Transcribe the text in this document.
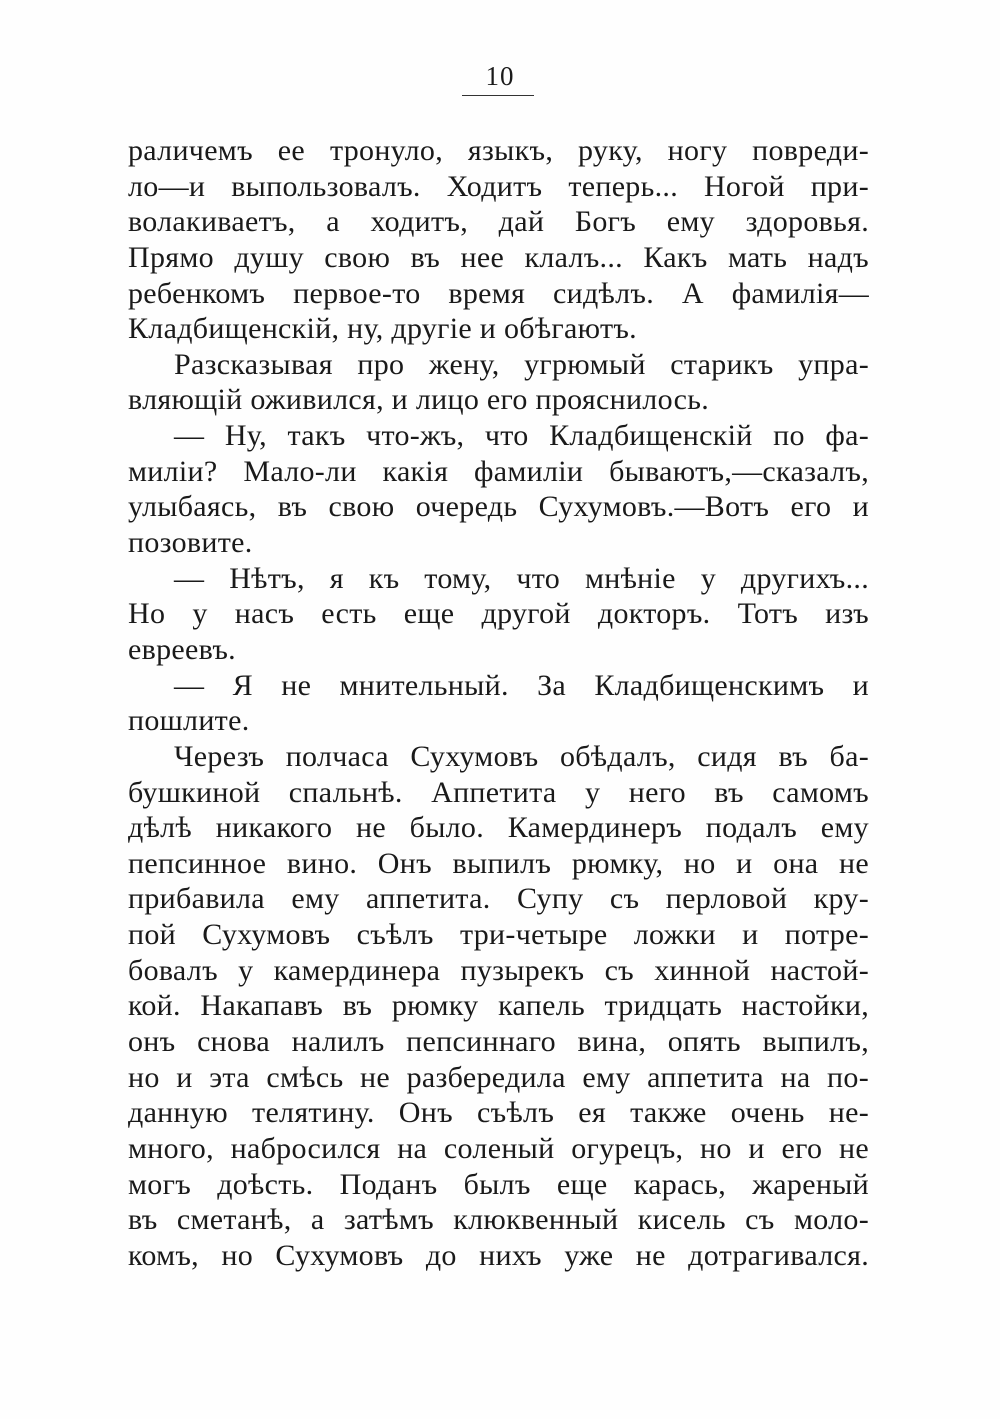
10
раличемъ ее тронуло, языкъ, руку, ногу повреди-
ло—и выпользовалъ. Ходитъ теперь... Ногой при-
волакиваетъ, а ходитъ, дай Богъ ему здоровья.
Прямо душу свою въ нее клалъ... Какъ мать надъ
ребенкомъ первое-то время сидѣлъ. А фамилія—
Кладбищенскій, ну, другіе и обѣгаютъ.
Разсказывая про жену, угрюмый старикъ упра-
вляющій оживился, и лицо его прояснилось.
— Ну, такъ что-жъ, что Кладбищенскій по фа-
миліи? Мало-ли какія фамиліи бываютъ,—сказалъ,
улыбаясь, въ свою очередь Сухумовъ.—Вотъ его и
позовите.
— Нѣтъ, я къ тому, что мнѣніе у другихъ...
Но у насъ есть еще другой докторъ. Тотъ изъ
евреевъ.
— Я не мнительный. За Кладбищенскимъ и
пошлите.
Черезъ полчаса Сухумовъ обѣдалъ, сидя въ ба-
бушкиной спальнѣ. Аппетита у него въ самомъ
дѣлѣ никакого не было. Камердинеръ подалъ ему
пепсинное вино. Онъ выпилъ рюмку, но и она не
прибавила ему аппетита. Супу съ перловой кру-
пой Сухумовъ съѣлъ три-четыре ложки и потре-
бовалъ у камердинера пузырекъ съ хинной настой-
кой. Накапавъ въ рюмку капель тридцать настойки,
онъ снова налилъ пепсиннаго вина, опять выпилъ,
но и эта смѣсь не разбередила ему аппетита на по-
данную телятину. Онъ съѣлъ ея также очень не-
много, набросился на соленый огурецъ, но и его не
могъ доѣсть. Поданъ былъ еще карась, жареный
въ сметанѣ, а затѣмъ клюквенный кисель съ моло-
комъ, но Сухумовъ до нихъ уже не дотрагивался.
